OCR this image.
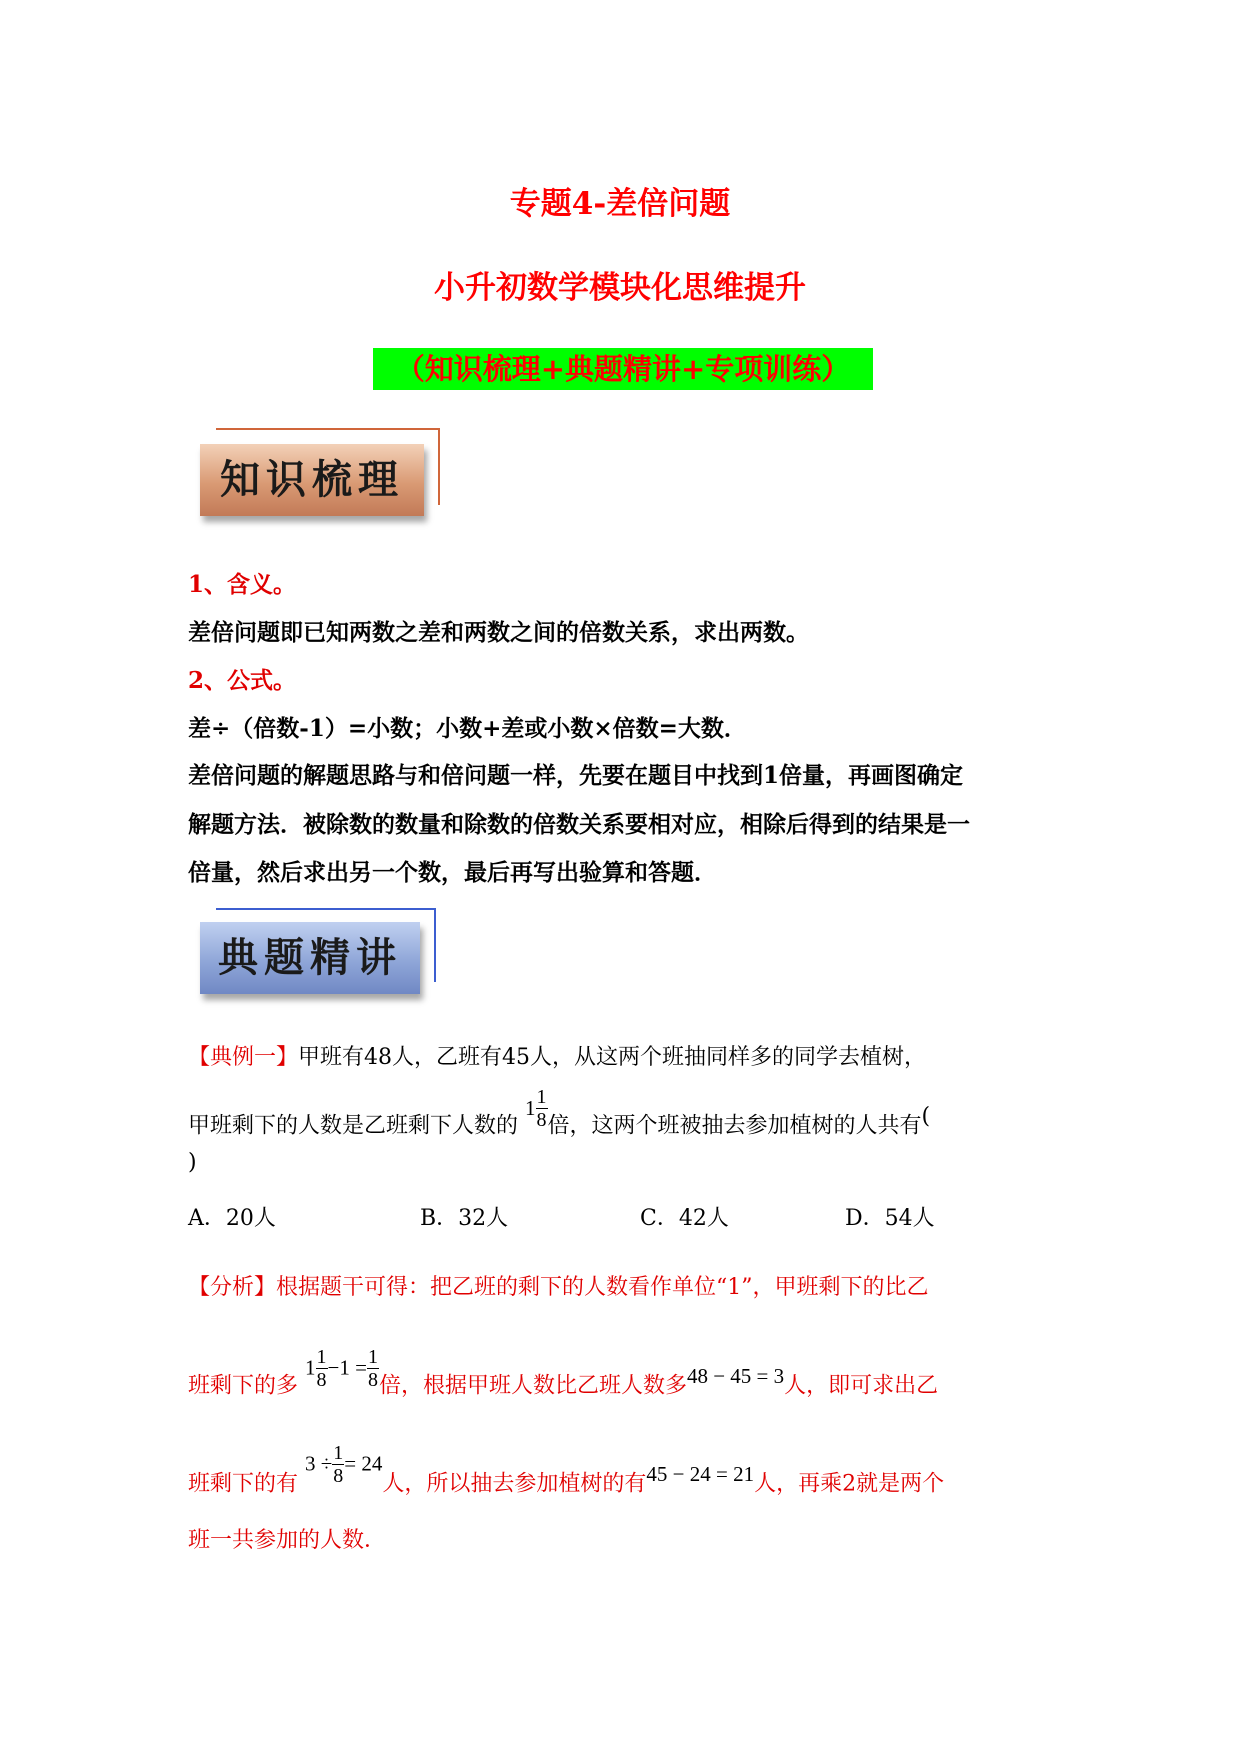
专题4-差倍问题
小升初数学模块化思维提升
（知识梳理+典题精讲+专项训练）
知识梳理
1、含义。
差倍问题即已知两数之差和两数之间的倍数关系，求出两数。
2、公式。
差÷（倍数-1）=小数；小数+差或小数×倍数=大数．
差倍问题的解题思路与和倍问题一样，先要在题目中找到1倍量，再画图确定
解题方法．被除数的数量和除数的倍数关系要相对应，相除后得到的结果是一
倍量，然后求出另一个数，最后再写出验算和答题．
典题精讲
【典例一】甲班有48人，乙班有45人，从这两个班抽同样多的同学去植树，
甲班剩下的人数是乙班剩下人数的 $1 \frac{1}{8}$ 倍，这两个班被抽去参加植树的人共有(
)
A．20人	B．32人	C．42人	D．54人
【分析】根据题干可得：把乙班的剩下的人数看作单位“1”，甲班剩下的比乙
班剩下的多 $1 \frac{1}{8} -1 = \frac{1}{8}$ 倍，根据甲班人数比乙班人数多48 − 45 = 3人，即可求出乙
班剩下的有 $3 \div \frac{1}{8} = 24$人，所以抽去参加植树的有45 − 24 = 21人，再乘2就是两个
班一共参加的人数．
